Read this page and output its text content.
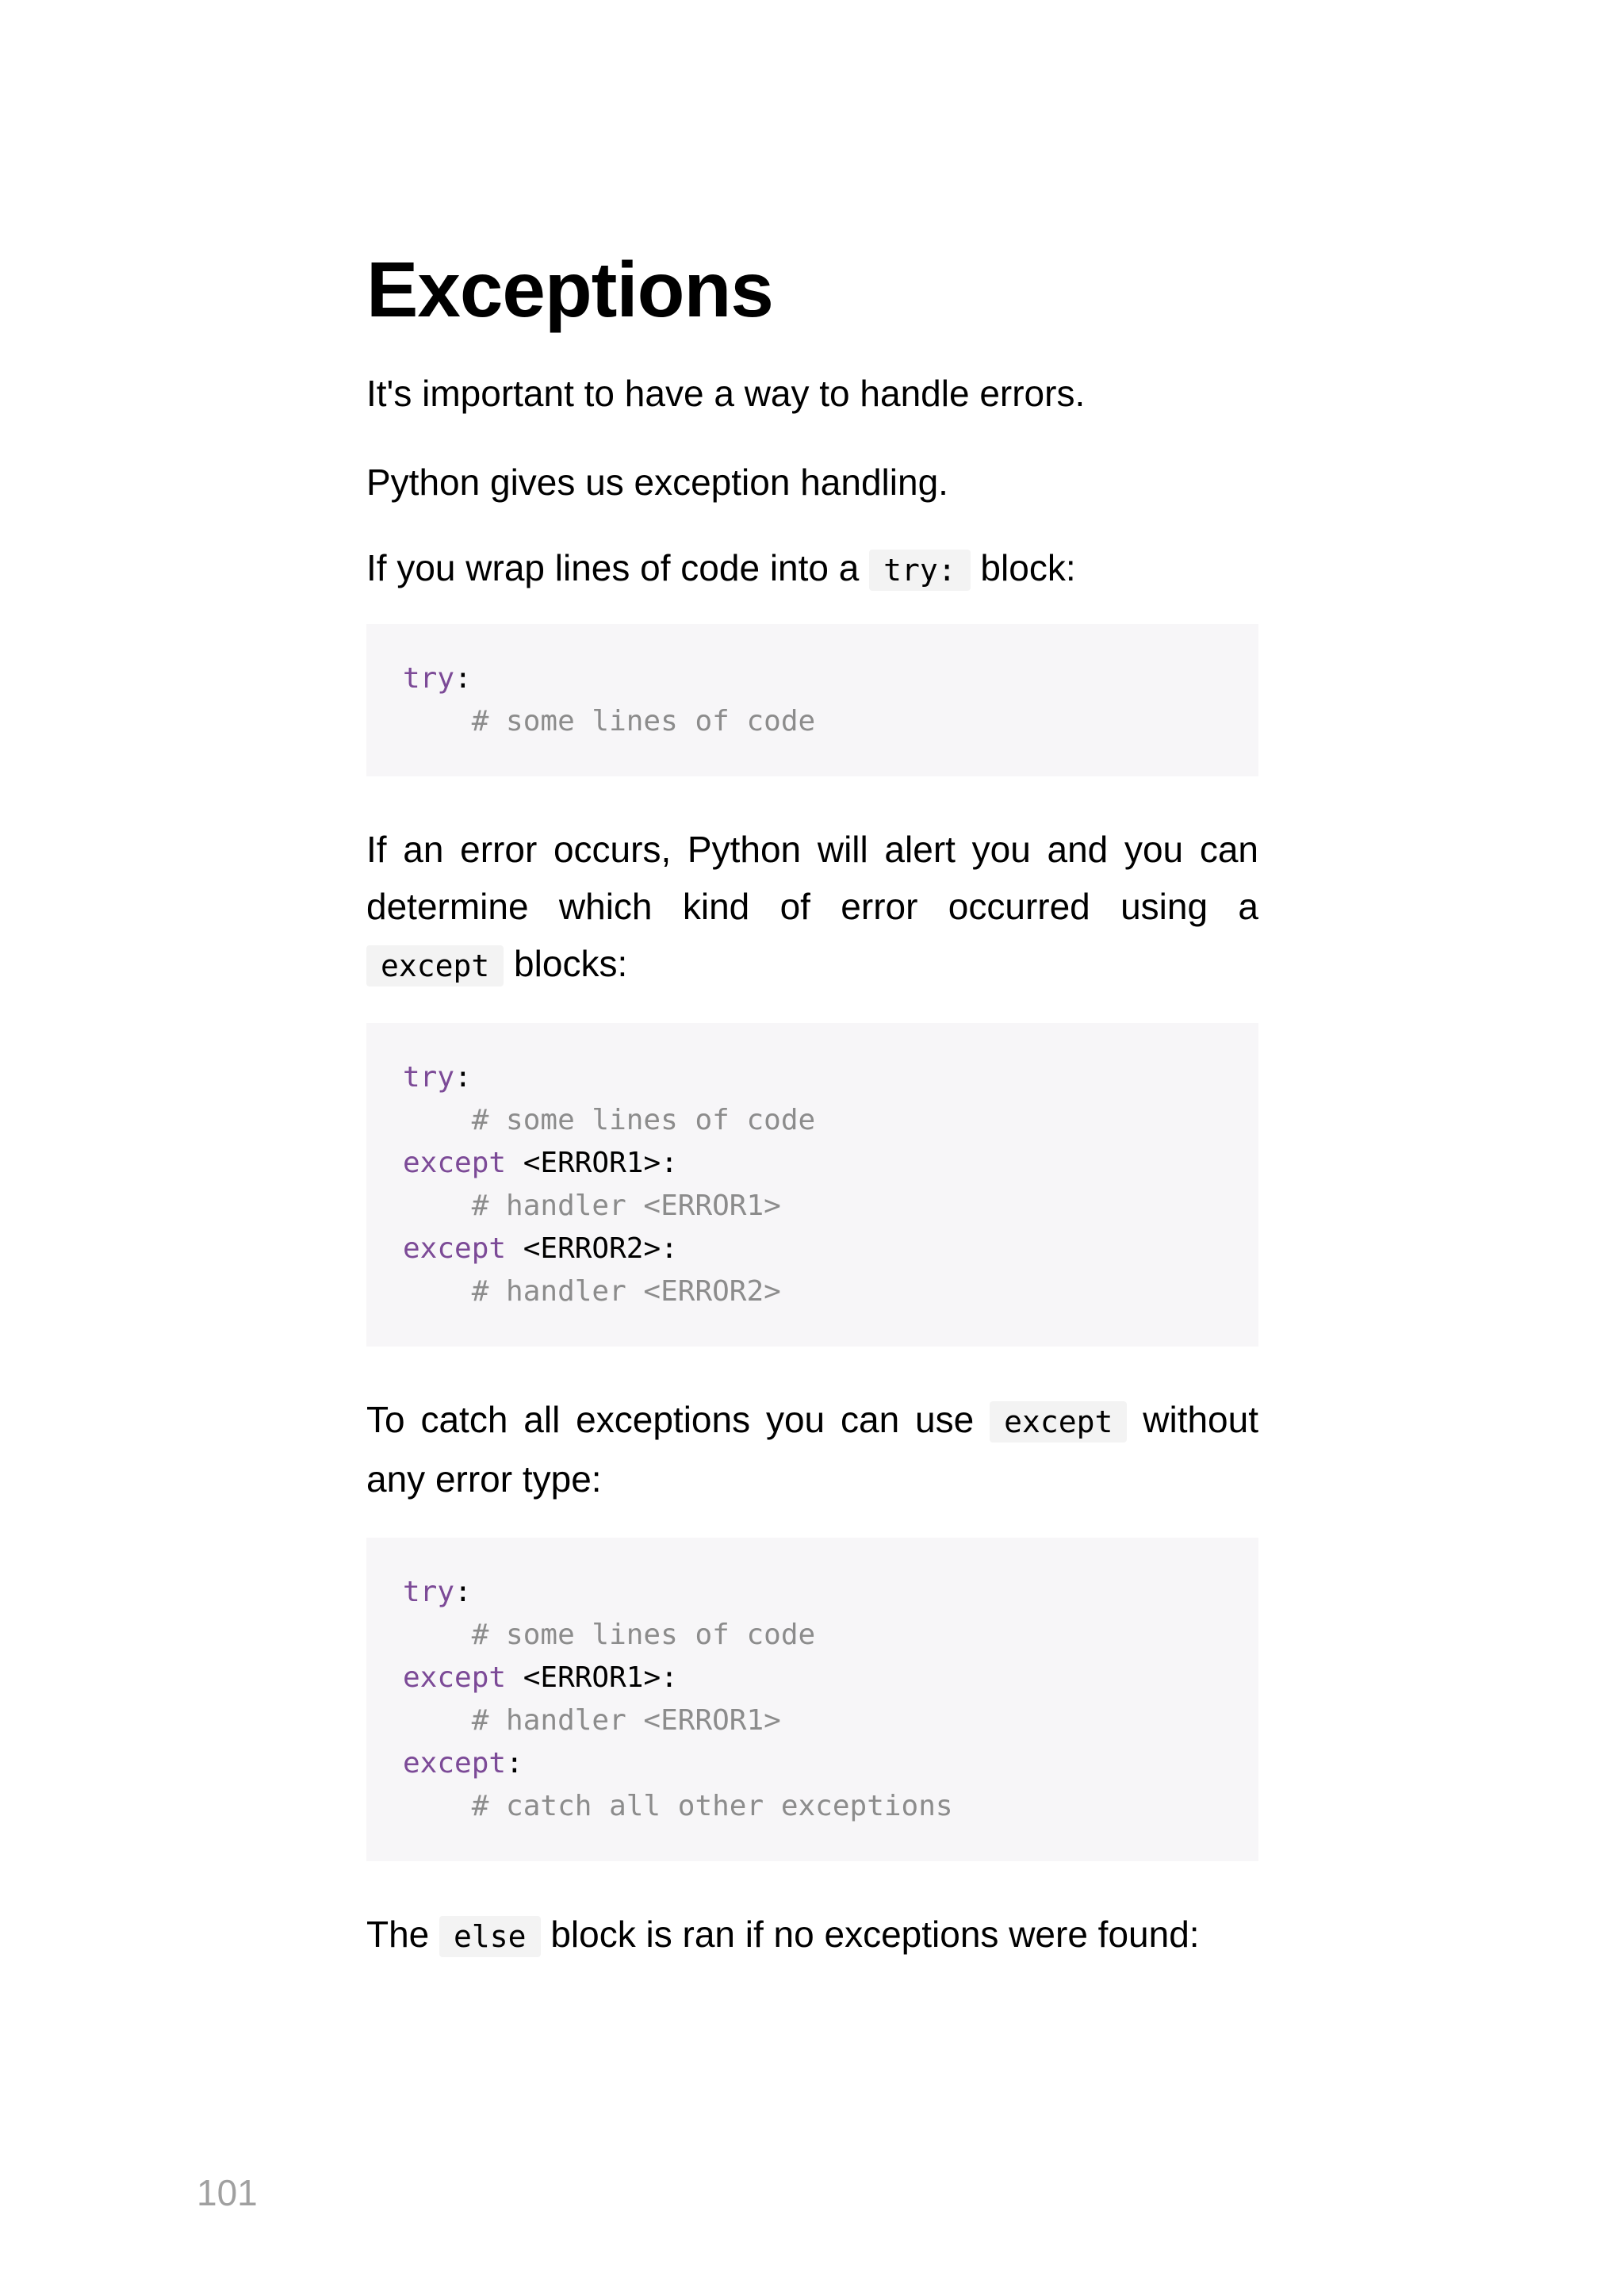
Exceptions

It's important to have a way to handle errors.

Python gives us exception handling.

If you wrap lines of code into a try: block:

try:
# some lines of code

If an error occurs, Python will alert you and you can determine which kind of error occurred using a except blocks:

try:
# some lines of code
except <ERROR1>:
# handler <ERROR1>
except <ERROR2>:
# handler <ERROR2>

To catch all exceptions you can use except without any error type:

try:
# some lines of code
except <ERROR1>:
# handler <ERROR1>
except:
# catch all other exceptions

The else block is ran if no exceptions were found:

101
